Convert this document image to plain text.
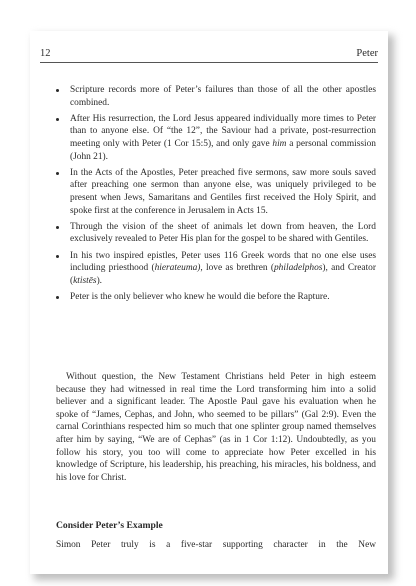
12	Peter
Scripture records more of Peter’s failures than those of all the other apostles combined.
After His resurrection, the Lord Jesus appeared individually more times to Peter than to anyone else. Of “the 12”, the Saviour had a private, post-resurrection meeting only with Peter (1 Cor 15:5), and only gave him a personal commission (John 21).
In the Acts of the Apostles, Peter preached five sermons, saw more souls saved after preaching one sermon than anyone else, was uniquely privileged to be present when Jews, Samaritans and Gentiles first received the Holy Spirit, and spoke first at the conference in Jerusalem in Acts 15.
Through the vision of the sheet of animals let down from heaven, the Lord exclusively revealed to Peter His plan for the gospel to be shared with Gentiles.
In his two inspired epistles, Peter uses 116 Greek words that no one else uses including priesthood (hierateuma), love as brethren (philadelphos), and Creator (ktistēs).
Peter is the only believer who knew he would die before the Rapture.

Without question, the New Testament Christians held Peter in high esteem because they had witnessed in real time the Lord transforming him into a solid believer and a significant leader. The Apostle Paul gave his evaluation when he spoke of “James, Cephas, and John, who seemed to be pillars” (Gal 2:9). Even the carnal Corinthians respected him so much that one splinter group named themselves after him by saying, “We are of Cephas” (as in 1 Cor 1:12). Undoubtedly, as you follow his story, you too will come to appreciate how Peter excelled in his knowledge of Scripture, his leadership, his preaching, his miracles, his boldness, and his love for Christ.

Consider Peter’s Example

Simon Peter truly is a five-star supporting character in the New
